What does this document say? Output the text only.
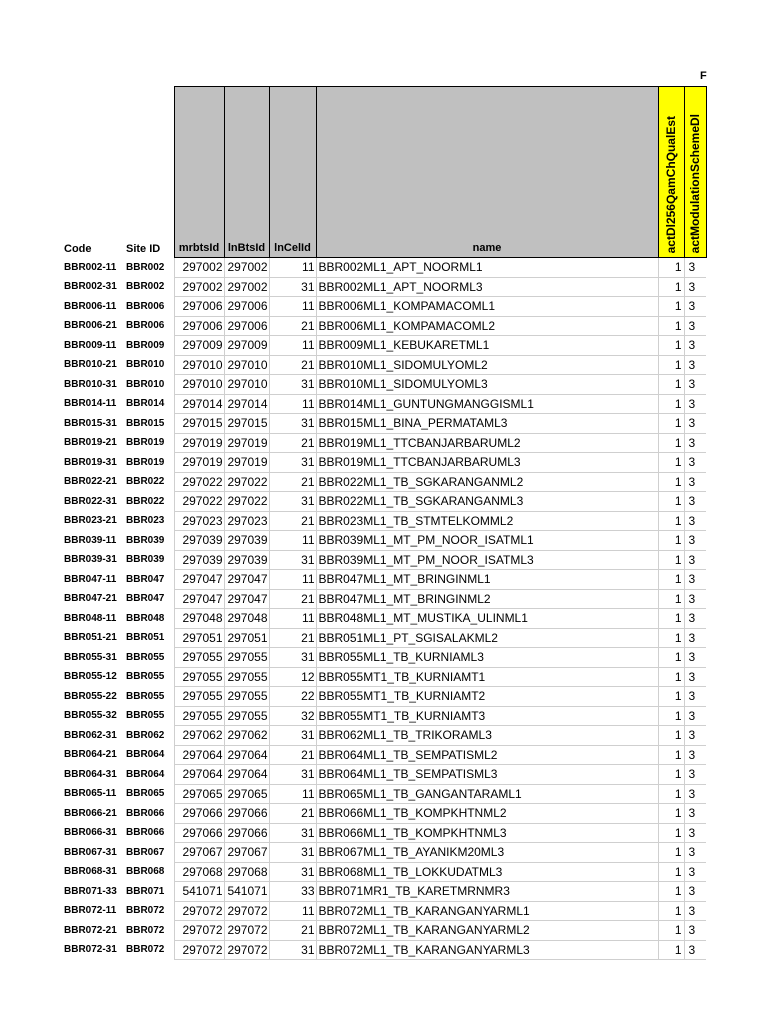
F
Code	Site ID	mrbtsId	lnBtsId	lnCelId	name	actDl256QamChQualEst	actModulationSchemeDl

BBR002-11	BBR002	297002	297002	11	BBR002ML1_APT_NOORML1	1	3
BBR002-31	BBR002	297002	297002	31	BBR002ML1_APT_NOORML3	1	3
BBR006-11	BBR006	297006	297006	11	BBR006ML1_KOMPAMACOML1	1	3
BBR006-21	BBR006	297006	297006	21	BBR006ML1_KOMPAMACOML2	1	3
BBR009-11	BBR009	297009	297009	11	BBR009ML1_KEBUKARETML1	1	3
BBR010-21	BBR010	297010	297010	21	BBR010ML1_SIDOMULYOML2	1	3
BBR010-31	BBR010	297010	297010	31	BBR010ML1_SIDOMULYOML3	1	3
BBR014-11	BBR014	297014	297014	11	BBR014ML1_GUNTUNGMANGGISML1	1	3
BBR015-31	BBR015	297015	297015	31	BBR015ML1_BINA_PERMATAML3	1	3
BBR019-21	BBR019	297019	297019	21	BBR019ML1_TTCBANJARBARUML2	1	3
BBR019-31	BBR019	297019	297019	31	BBR019ML1_TTCBANJARBARUML3	1	3
BBR022-21	BBR022	297022	297022	21	BBR022ML1_TB_SGKARANGANML2	1	3
BBR022-31	BBR022	297022	297022	31	BBR022ML1_TB_SGKARANGANML3	1	3
BBR023-21	BBR023	297023	297023	21	BBR023ML1_TB_STMTELKOMML2	1	3
BBR039-11	BBR039	297039	297039	11	BBR039ML1_MT_PM_NOOR_ISATML1	1	3
BBR039-31	BBR039	297039	297039	31	BBR039ML1_MT_PM_NOOR_ISATML3	1	3
BBR047-11	BBR047	297047	297047	11	BBR047ML1_MT_BRINGINML1	1	3
BBR047-21	BBR047	297047	297047	21	BBR047ML1_MT_BRINGINML2	1	3
BBR048-11	BBR048	297048	297048	11	BBR048ML1_MT_MUSTIKA_ULINML1	1	3
BBR051-21	BBR051	297051	297051	21	BBR051ML1_PT_SGISALAKML2	1	3
BBR055-31	BBR055	297055	297055	31	BBR055ML1_TB_KURNIAML3	1	3
BBR055-12	BBR055	297055	297055	12	BBR055MT1_TB_KURNIAMT1	1	3
BBR055-22	BBR055	297055	297055	22	BBR055MT1_TB_KURNIAMT2	1	3
BBR055-32	BBR055	297055	297055	32	BBR055MT1_TB_KURNIAMT3	1	3
BBR062-31	BBR062	297062	297062	31	BBR062ML1_TB_TRIKORAML3	1	3
BBR064-21	BBR064	297064	297064	21	BBR064ML1_TB_SEMPATISML2	1	3
BBR064-31	BBR064	297064	297064	31	BBR064ML1_TB_SEMPATISML3	1	3
BBR065-11	BBR065	297065	297065	11	BBR065ML1_TB_GANGANTARAML1	1	3
BBR066-21	BBR066	297066	297066	21	BBR066ML1_TB_KOMPKHTNML2	1	3
BBR066-31	BBR066	297066	297066	31	BBR066ML1_TB_KOMPKHTNML3	1	3
BBR067-31	BBR067	297067	297067	31	BBR067ML1_TB_AYANIKM20ML3	1	3
BBR068-31	BBR068	297068	297068	31	BBR068ML1_TB_LOKKUDATML3	1	3
BBR071-33	BBR071	541071	541071	33	BBR071MR1_TB_KARETMRNMR3	1	3
BBR072-11	BBR072	297072	297072	11	BBR072ML1_TB_KARANGANYARML1	1	3
BBR072-21	BBR072	297072	297072	21	BBR072ML1_TB_KARANGANYARML2	1	3
BBR072-31	BBR072	297072	297072	31	BBR072ML1_TB_KARANGANYARML3	1	3
